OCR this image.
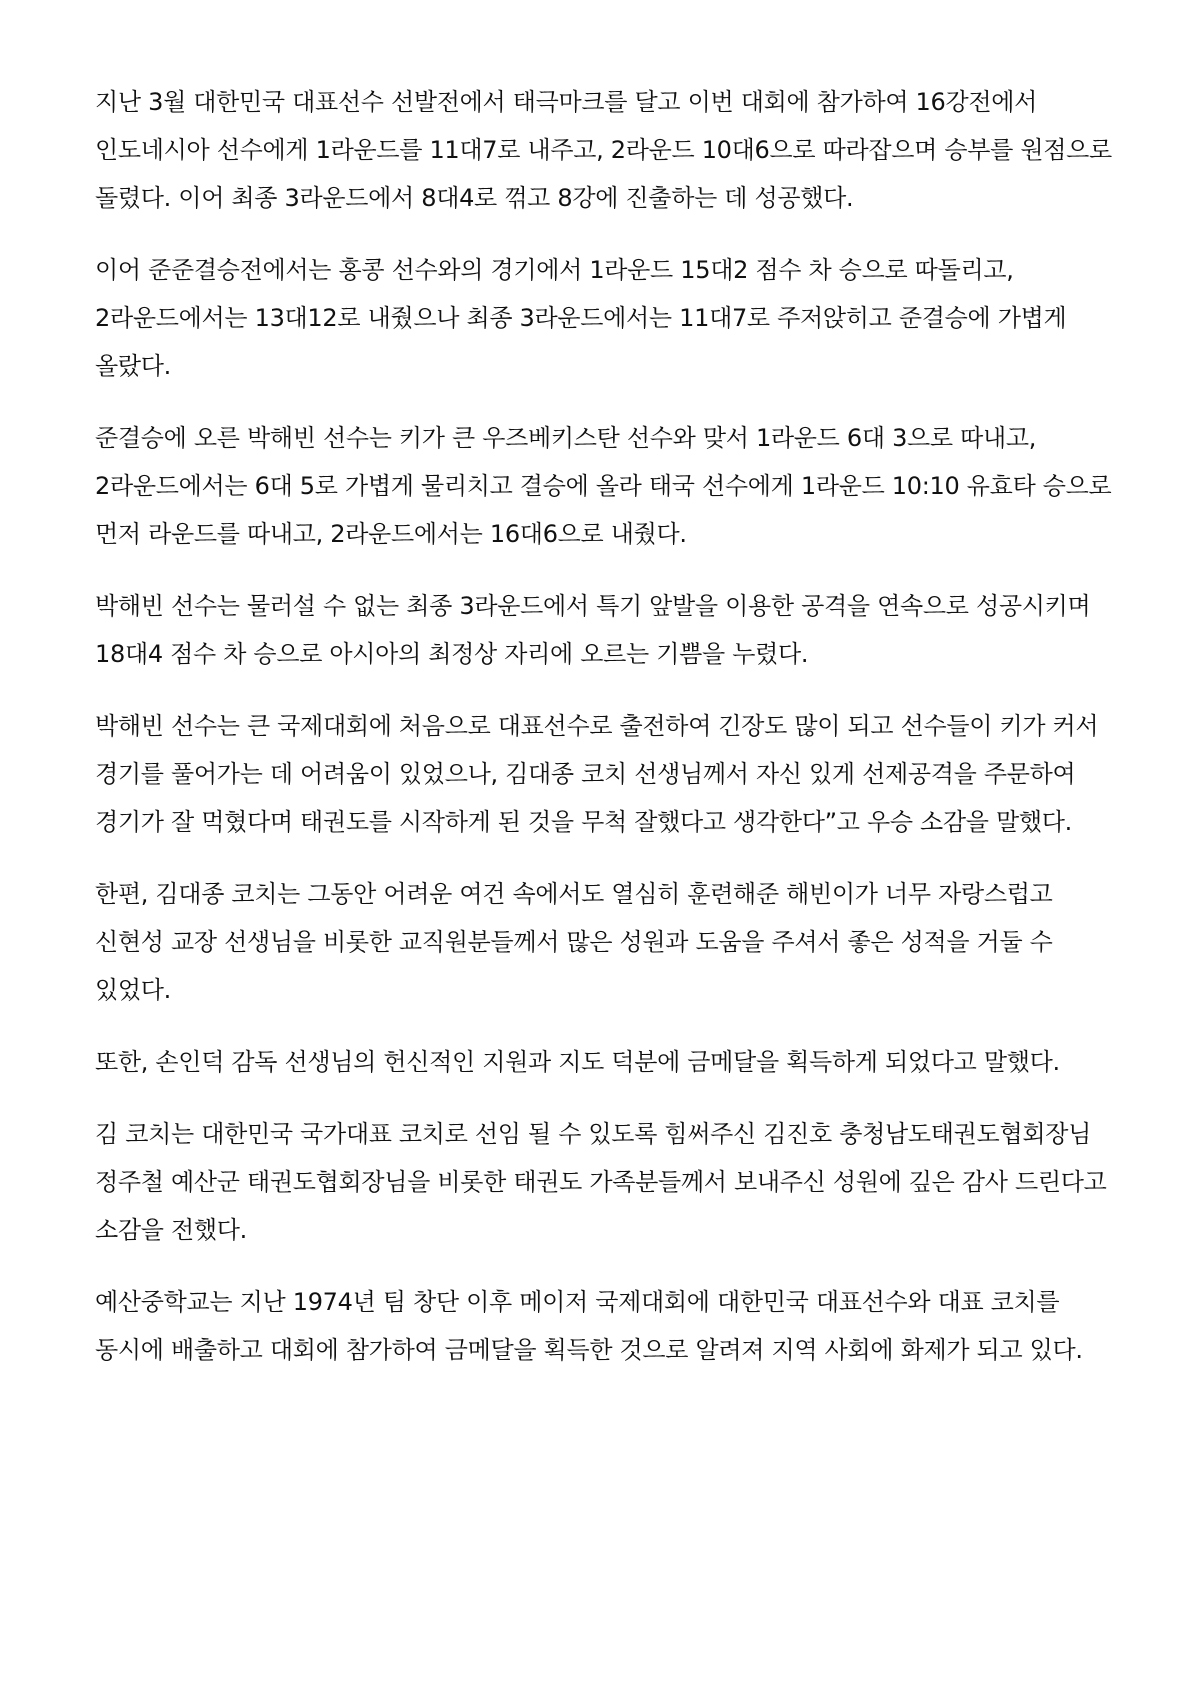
지난 3월 대한민국 대표선수 선발전에서 태극마크를 달고 이번 대회에 참가하여 16강전에서 인도네시아 선수에게 1라운드를 11대7로 내주고, 2라운드 10대6으로 따라잡으며 승부를 원점으로 돌렸다. 이어 최종 3라운드에서 8대4로 꺾고 8강에 진출하는 데 성공했다.

이어 준준결승전에서는 홍콩 선수와의 경기에서 1라운드 15대2 점수 차 승으로 따돌리고, 2라운드에서는 13대12로 내줬으나 최종 3라운드에서는 11대7로 주저앉히고 준결승에 가볍게 올랐다.

준결승에 오른 박해빈 선수는 키가 큰 우즈베키스탄 선수와 맞서 1라운드 6대 3으로 따내고, 2라운드에서는 6대 5로 가볍게 물리치고 결승에 올라 태국 선수에게 1라운드 10:10 유효타 승으로 먼저 라운드를 따내고, 2라운드에서는 16대6으로 내줬다.

박해빈 선수는 물러설 수 없는 최종 3라운드에서 특기 앞발을 이용한 공격을 연속으로 성공시키며 18대4 점수 차 승으로 아시아의 최정상 자리에 오르는 기쁨을 누렸다.

박해빈 선수는 큰 국제대회에 처음으로 대표선수로 출전하여 긴장도 많이 되고 선수들이 키가 커서 경기를 풀어가는 데 어려움이 있었으나, 김대종 코치 선생님께서 자신 있게 선제공격을 주문하여 경기가 잘 먹혔다며 태권도를 시작하게 된 것을 무척 잘했다고 생각한다”고 우승 소감을 말했다.

한편, 김대종 코치는 그동안 어려운 여건 속에서도 열심히 훈련해준 해빈이가 너무 자랑스럽고 신현성 교장 선생님을 비롯한 교직원분들께서 많은 성원과 도움을 주셔서 좋은 성적을 거둘 수 있었다.

또한, 손인덕 감독 선생님의 헌신적인 지원과 지도 덕분에 금메달을 획득하게 되었다고 말했다.

김 코치는 대한민국 국가대표 코치로 선임 될 수 있도록 힘써주신 김진호 충청남도태권도협회장님 정주철 예산군 태권도협회장님을 비롯한 태권도 가족분들께서 보내주신 성원에 깊은 감사 드린다고 소감을 전했다.

예산중학교는 지난 1974년 팀 창단 이후 메이저 국제대회에 대한민국 대표선수와 대표 코치를 동시에 배출하고 대회에 참가하여 금메달을 획득한 것으로 알려져 지역 사회에 화제가 되고 있다.
